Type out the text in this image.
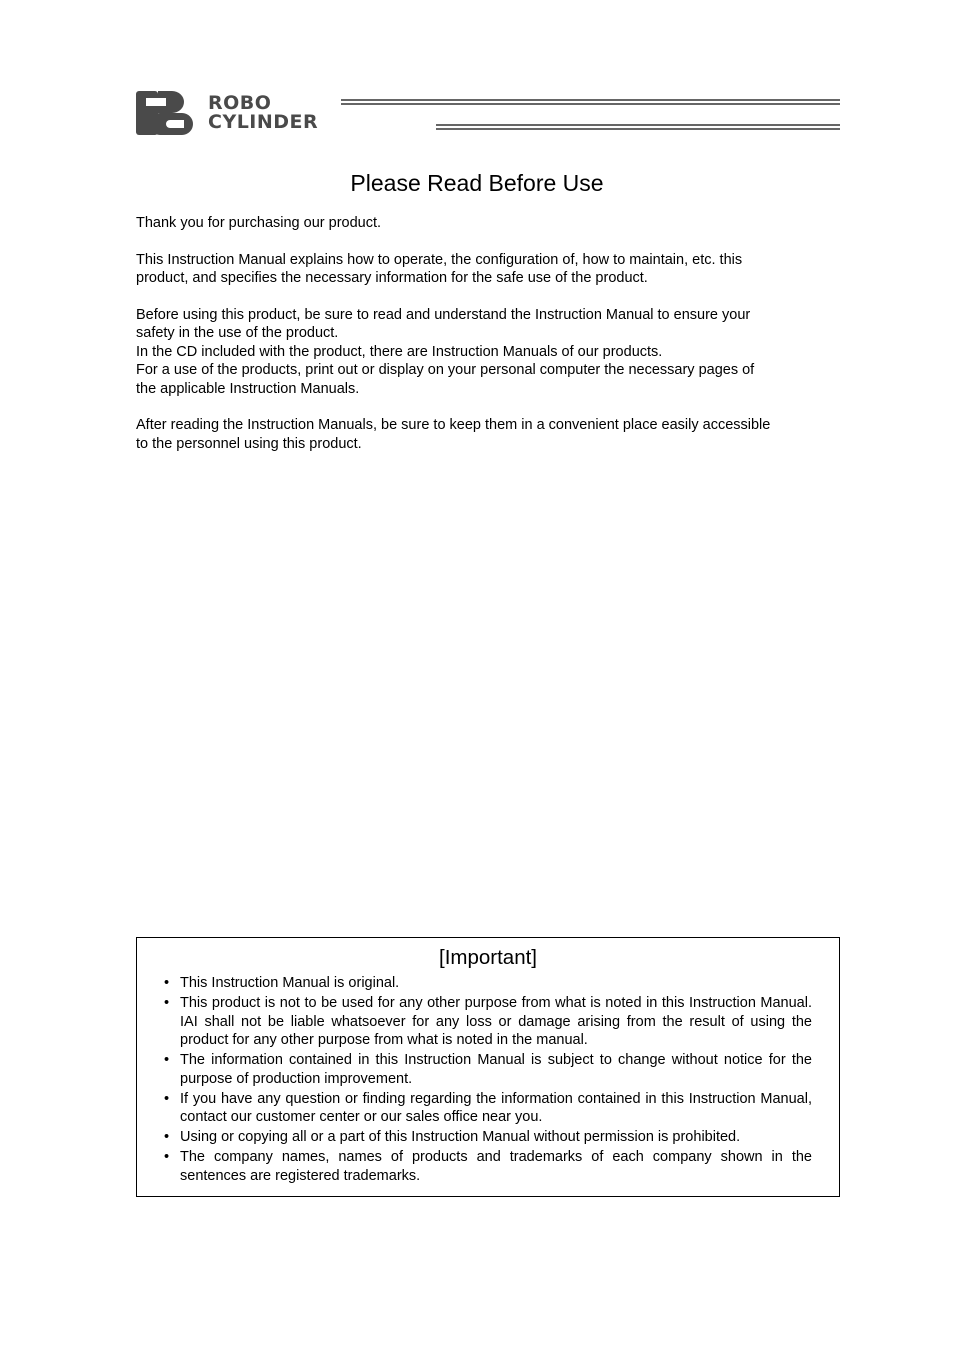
ROBO
CYLINDER
Please Read Before Use

Thank you for purchasing our product.

This Instruction Manual explains how to operate, the configuration of, how to maintain, etc. this
product, and specifies the necessary information for the safe use of the product.

Before using this product, be sure to read and understand the Instruction Manual to ensure your
safety in the use of the product.
In the CD included with the product, there are Instruction Manuals of our products.
For a use of the products, print out or display on your personal computer the necessary pages of
the applicable Instruction Manuals.

After reading the Instruction Manuals, be sure to keep them in a convenient place easily accessible
to the personnel using this product.

[Important]
• This Instruction Manual is original.
• This product is not to be used for any other purpose from what is noted in this Instruction Manual. IAI shall not be liable whatsoever for any loss or damage arising from the result of using the product for any other purpose from what is noted in the manual.
• The information contained in this Instruction Manual is subject to change without notice for the purpose of production improvement.
• If you have any question or finding regarding the information contained in this Instruction Manual, contact our customer center or our sales office near you.
• Using or copying all or a part of this Instruction Manual without permission is prohibited.
• The company names, names of products and trademarks of each company shown in the sentences are registered trademarks.
